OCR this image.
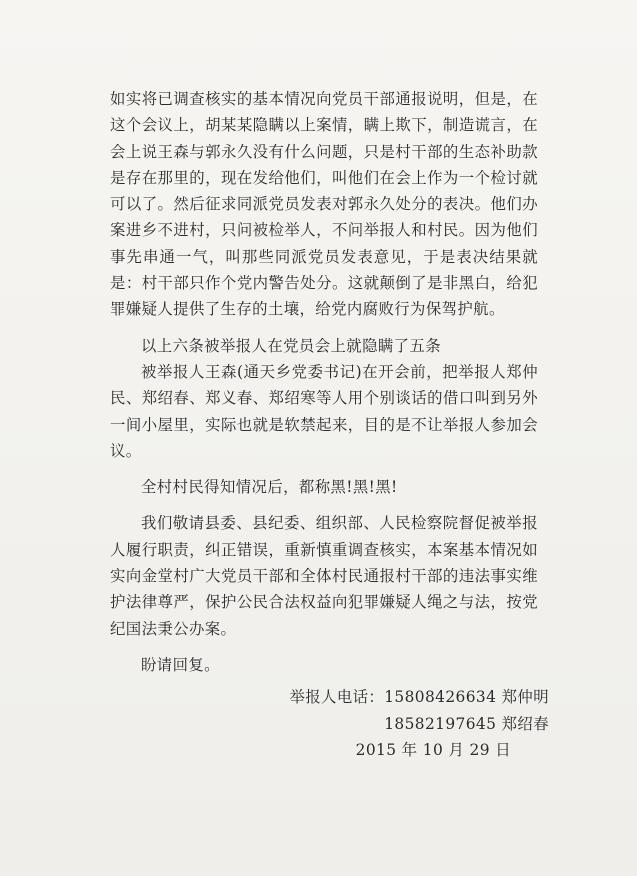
如实将已调查核实的基本情况向党员干部通报说明，但是，在这个会议上，胡某某隐瞒以上案情，瞒上欺下，制造谎言，在会上说王森与郭永久没有什么问题，只是村干部的生态补助款是存在那里的，现在发给他们，叫他们在会上作为一个检讨就可以了。然后征求同派党员发表对郭永久处分的表决。他们办案进乡不进村，只问被检举人，不问举报人和村民。因为他们事先串通一气，叫那些同派党员发表意见，于是表决结果就是：村干部只作个党内警告处分。这就颠倒了是非黑白，给犯罪嫌疑人提供了生存的土壤，给党内腐败行为保驾护航。

以上六条被举报人在党员会上就隐瞒了五条

被举报人王森(通天乡党委书记)在开会前，把举报人郑仲民、郑绍春、郑义春、郑绍寒等人用个别谈话的借口叫到另外一间小屋里，实际也就是软禁起来，目的是不让举报人参加会议。

全村村民得知情况后，都称黑!黑!黑!

我们敬请县委、县纪委、组织部、人民检察院督促被举报人履行职责，纠正错误，重新慎重调查核实，本案基本情况如实向金堂村广大党员干部和全体村民通报村干部的违法事实维护法律尊严，保护公民合法权益向犯罪嫌疑人绳之与法，按党纪国法秉公办案。

盼请回复。

举报人电话：15808426634 郑仲明
18582197645 郑绍春
2015 年 10 月 29 日
